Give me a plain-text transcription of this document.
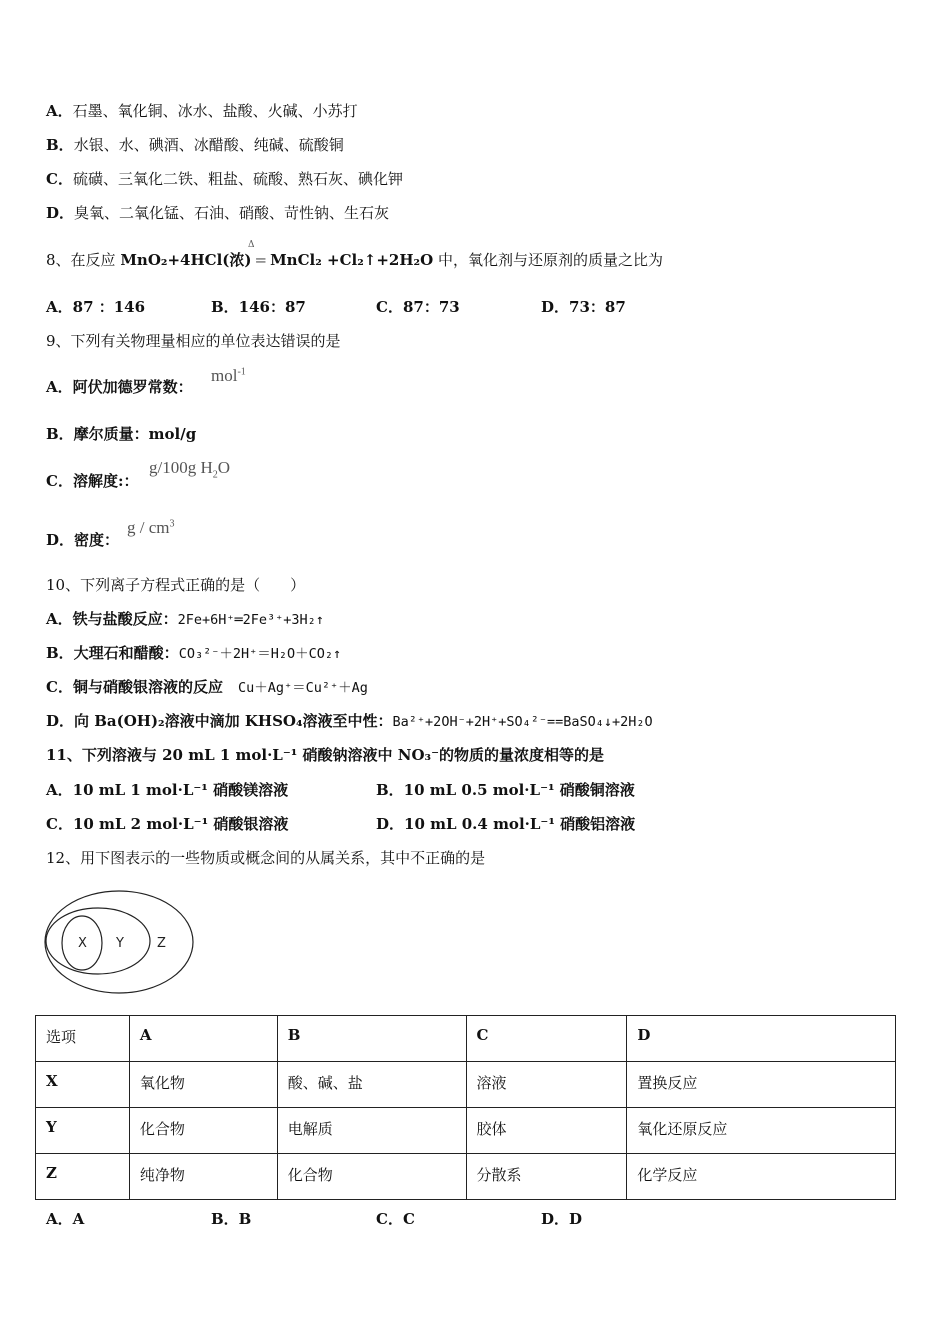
A．石墨、氧化铜、冰水、盐酸、火碱、小苏打
B．水银、水、碘酒、冰醋酸、纯碱、硫酸铜
C．硫磺、三氧化二铁、粗盐、硫酸、熟石灰、碘化钾
D．臭氧、二氧化锰、石油、硝酸、苛性钠、生石灰
Δ
8、在反应 MnO₂+4HCl(浓) = MnCl₂ +Cl₂↑+2H₂O 中，氧化剂与还原剂的质量之比为
A．87 ：146	B．146：87	C．87：73	D．73：87
9、下列有关物理量相应的单位表达错误的是
A．阿伏加德罗常数：
mol$^{-1}$
B．摩尔质量：mol/g
C．溶解度:：
g/100g $H_2O$
D．密度：
g / $cm^3$
10、下列离子方程式正确的是（　　）
A．铁与盐酸反应：2Fe+6H⁺═2Fe³⁺+3H₂↑
B．大理石和醋酸：CO₃²⁻＋2H⁺＝H₂O＋CO₂↑
C．铜与硝酸银溶液的反应　Cu＋Ag⁺＝Cu²⁺＋Ag
D．向 Ba(OH)₂溶液中滴加 KHSO₄溶液至中性：Ba²⁺+2OH⁻+2H⁺+SO₄²⁻==BaSO₄↓+2H₂O
11、下列溶液与 20 mL 1 mol·L⁻¹ 硝酸钠溶液中 NO₃⁻的物质的量浓度相等的是
A．10 mL 1 mol·L⁻¹ 硝酸镁溶液	B．10 mL 0.5 mol·L⁻¹ 硝酸铜溶液
C．10 mL 2 mol·L⁻¹ 硝酸银溶液	D．10 mL 0.4 mol·L⁻¹ 硝酸铝溶液
12、用下图表示的一些物质或概念间的从属关系，其中不正确的是
X Y	Z
选项	A	B	C	D
X	氧化物	酸、碱、盐	溶液	置换反应
Y	化合物	电解质	胶体	氧化还原反应
Z	纯净物	化合物	分散系	化学反应
A．A	B．B	C．C	D．D
